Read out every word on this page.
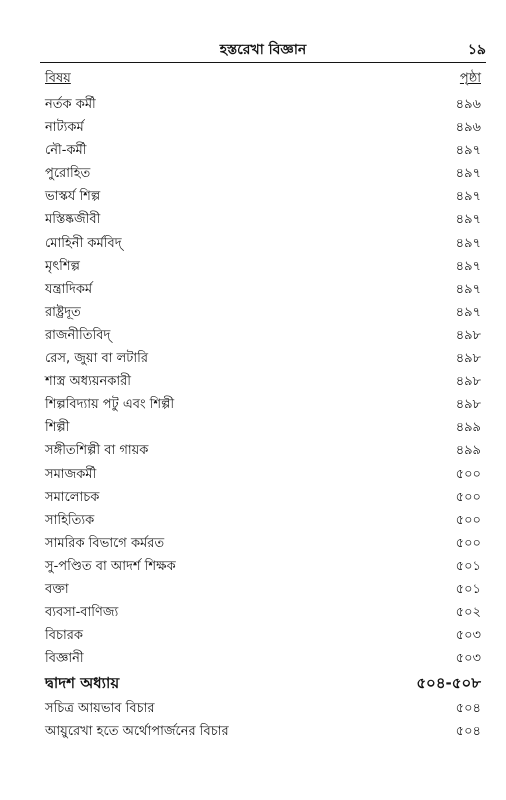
হস্তরেখা বিজ্ঞান	১৯
বিষয়	পৃষ্ঠা
নর্তক কর্মী	৪৯৬
নাট্যকর্ম	৪৯৬
নৌ-কর্মী	৪৯৭
পুরোহিত	৪৯৭
ভাস্কর্য শিল্প	৪৯৭
মস্তিষ্কজীবী	৪৯৭
মোহিনী কর্মবিদ্	৪৯৭
মৃৎশিল্প	৪৯৭
যন্ত্রাদিকর্ম	৪৯৭
রাষ্ট্রদূত	৪৯৭
রাজনীতিবিদ্	৪৯৮
রেস, জুয়া বা লটারি	৪৯৮
শাস্ত্র অধ্যয়নকারী	৪৯৮
শিল্পবিদ্যায় পটু এবং শিল্পী	৪৯৮
শিল্পী	৪৯৯
সঙ্গীতশিল্পী বা গায়ক	৪৯৯
সমাজকর্মী	৫০০
সমালোচক	৫০০
সাহিত্যিক	৫০০
সামরিক বিভাগে কর্মরত	৫০০
সু-পণ্ডিত বা আদর্শ শিক্ষক	৫০১
বক্তা	৫০১
ব্যবসা-বাণিজ্য	৫০২
বিচারক	৫০৩
বিজ্ঞানী	৫০৩
দ্বাদশ অধ্যায়	৫০৪-৫০৮
সচিত্র আয়ভাব বিচার	৫০৪
আয়ুরেখা হতে অর্থোপার্জনের বিচার	৫০৪
